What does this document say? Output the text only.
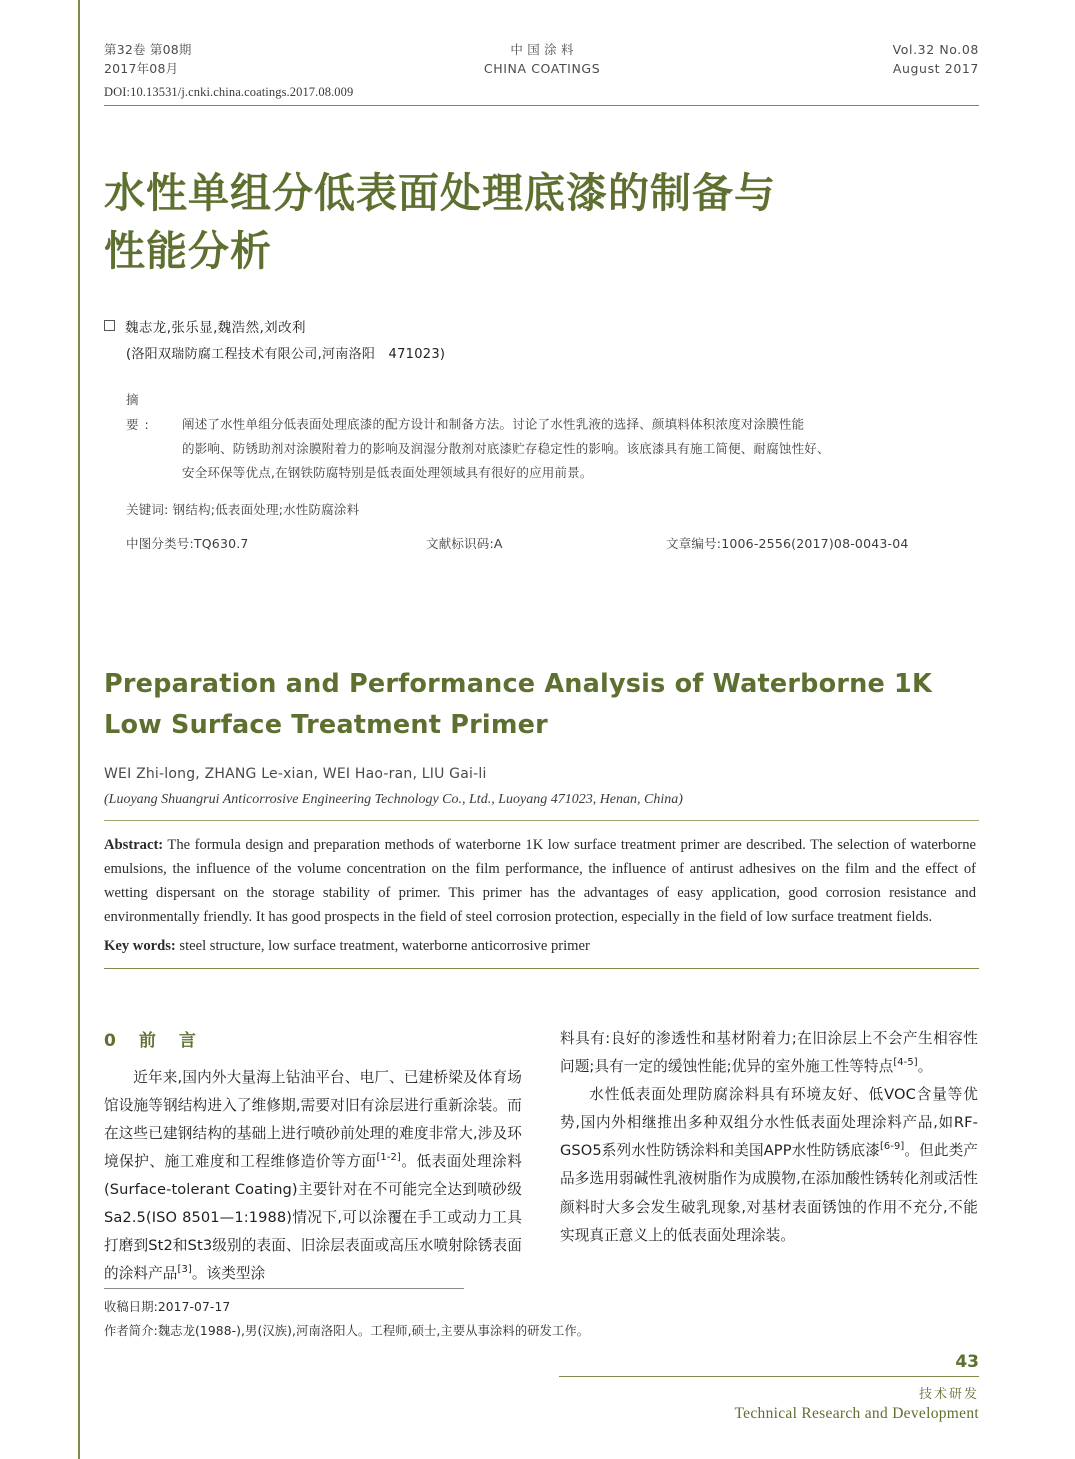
第32卷 第08期
2017年08月
中 国 涂 料
CHINA COATINGS
Vol.32 No.08
August 2017
DOI:10.13531/j.cnki.china.coatings.2017.08.009
水性单组分低表面处理底漆的制备与
性能分析
魏志龙,张乐显,魏浩然,刘改利
(洛阳双瑞防腐工程技术有限公司,河南洛阳　471023)
摘　要: 阐述了水性单组分低表面处理底漆的配方设计和制备方法。讨论了水性乳液的选择、颜填料体积浓度对涂膜性能
的影响、防锈助剂对涂膜附着力的影响及润湿分散剂对底漆贮存稳定性的影响。该底漆具有施工简便、耐腐蚀性好、
安全环保等优点,在钢铁防腐特别是低表面处理领域具有很好的应用前景。
关键词: 钢结构;低表面处理;水性防腐涂料
中图分类号:TQ630.7	文献标识码:A	文章编号:1006-2556(2017)08-0043-04
Preparation and Performance Analysis of Waterborne 1K Low Surface Treatment Primer
WEI Zhi-long, ZHANG Le-xian, WEI Hao-ran, LIU Gai-li
(Luoyang Shuangrui Anticorrosive Engineering Technology Co., Ltd., Luoyang 471023, Henan, China)
Abstract: The formula design and preparation methods of waterborne 1K low surface treatment primer are described. The selection of waterborne emulsions, the influence of the volume concentration on the film performance, the influence of antirust adhesives on the film and the effect of wetting dispersant on the storage stability of primer. This primer has the advantages of easy application, good corrosion resistance and environmentally friendly. It has good prospects in the field of steel corrosion protection, especially in the field of low surface treatment fields.
Key words: steel structure, low surface treatment, waterborne anticorrosive primer
0　前　言
近年来,国内外大量海上钻油平台、电厂、已建桥梁及体育场馆设施等钢结构进入了维修期,需要对旧有涂层进行重新涂装。而在这些已建钢结构的基础上进行喷砂前处理的难度非常大,涉及环境保护、施工难度和工程维修造价等方面[1-2]。低表面处理涂料(Surface-tolerant Coating)主要针对在不可能完全达到喷砂级Sa2.5(ISO 8501—1:1988)情况下,可以涂覆在手工或动力工具打磨到St2和St3级别的表面、旧涂层表面或高压水喷射除锈表面的涂料产品[3]。该类型涂
料具有:良好的渗透性和基材附着力;在旧涂层上不会产生相容性问题;具有一定的缓蚀性能;优异的室外施工性等特点[4-5]。
水性低表面处理防腐涂料具有环境友好、低VOC含量等优势,国内外相继推出多种双组分水性低表面处理涂料产品,如RF-GSO5系列水性防锈涂料和美国APP水性防锈底漆[6-9]。但此类产品多选用弱碱性乳液树脂作为成膜物,在添加酸性锈转化剂或活性颜料时大多会发生破乳现象,对基材表面锈蚀的作用不充分,不能实现真正意义上的低表面处理涂装。
收稿日期:2017-07-17
作者简介:魏志龙(1988-),男(汉族),河南洛阳人。工程师,硕士,主要从事涂料的研发工作。
43
技术研发
Technical Research and Development
